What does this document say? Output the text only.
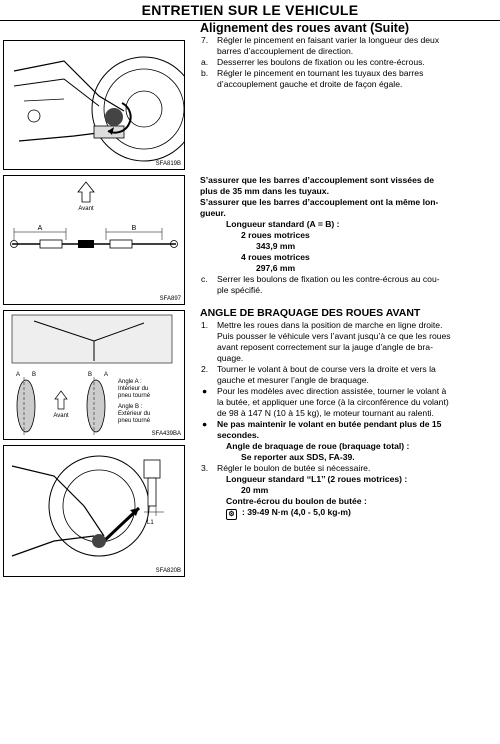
ENTRETIEN SUR LE VEHICULE
SFA819B
Avant
A	B
SFA897
A B	B A
Avant
Angle A :
Intérieur du
pneu tourné
Angle B :
Extérieur du
pneu tourné
SFA439BA
L1
SFA820B
Alignement des roues avant (Suite)
7. Régler le pincement en faisant varier la longueur des deux
barres d’accouplement de direction.
a. Desserrer les boulons de fixation ou les contre-écrous.
b. Régler le pincement en tournant les tuyaux des barres
d’accouplement gauche et droite de façon égale.
S’assurer que les barres d’accouplement sont vissées de
plus de 35 mm dans les tuyaux.
S’assurer que les barres d’accouplement ont la même lon-
gueur.
Longueur standard (A = B) :
2 roues motrices
343,9 mm
4 roues motrices
297,6 mm
c. Serrer les boulons de fixation ou les contre-écrous au cou-
ple spécifié.
ANGLE DE BRAQUAGE DES ROUES AVANT
1. Mettre les roues dans la position de marche en ligne droite.
Puis pousser le véhicule vers l’avant jusqu’à ce que les roues
avant reposent correctement sur la jauge d’angle de bra-
quage.
2. Tourner le volant à bout de course vers la droite et vers la
gauche et mesurer l’angle de braquage.
● Pour les modèles avec direction assistée, tourner le volant à
la butée, et appliquer une force (à la circonférence du volant)
de 98 à 147 N (10 à 15 kg), le moteur tournant au ralenti.
● Ne pas maintenir le volant en butée pendant plus de 15
secondes.
Angle de braquage de roue (braquage total) :
Se reporter aux SDS, FA-39.
3. Régler le boulon de butée si nécessaire.
Longueur standard ‘‘L1’’ (2 roues motrices) :
20 mm
Contre-écrou du boulon de butée :
⚙ : 39-49 N·m (4,0 - 5,0 kg-m)
